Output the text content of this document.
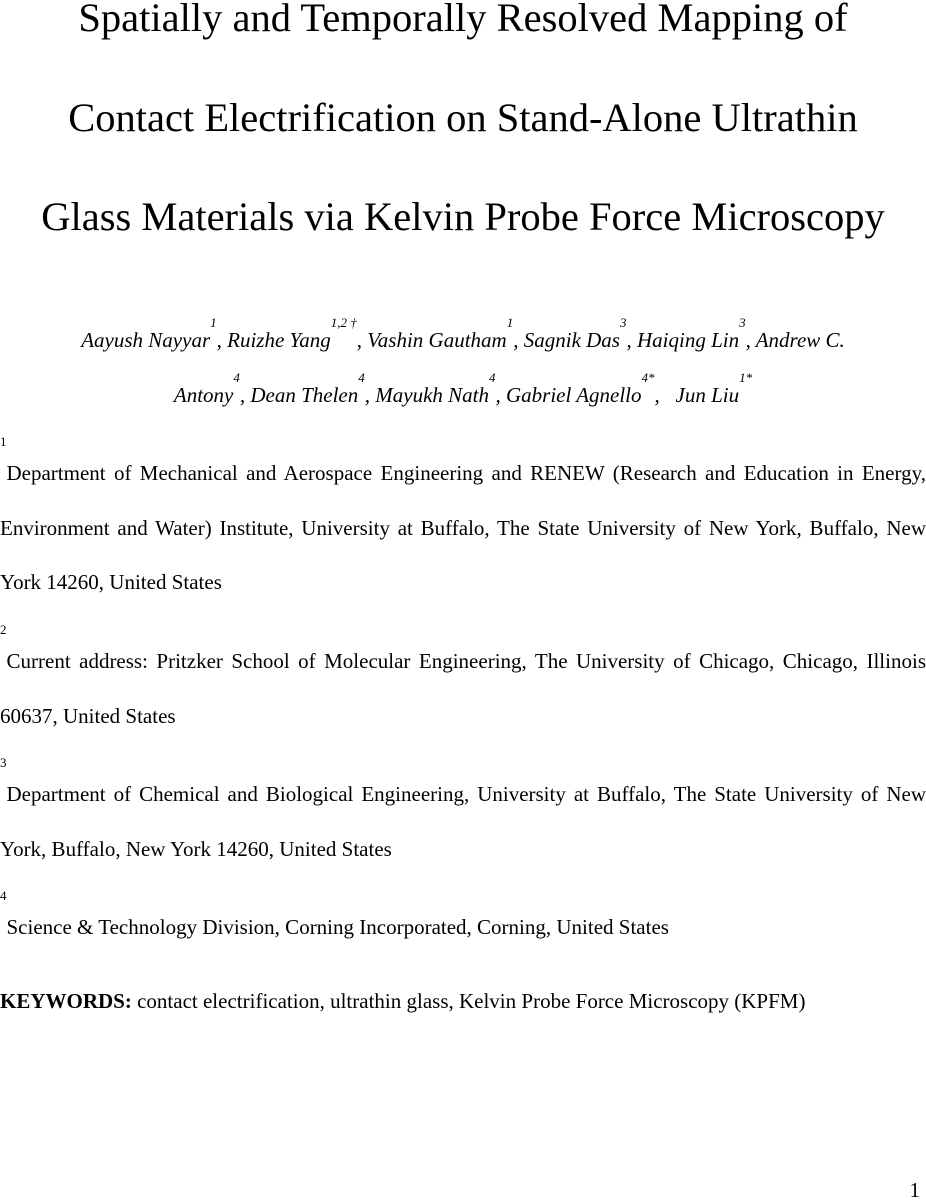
Spatially and Temporally Resolved Mapping of
Contact Electrification on Stand-Alone Ultrathin
Glass Materials via Kelvin Probe Force Microscopy
Aayush Nayyar$^1$, Ruizhe Yang$^{1,2 \dagger}$, Vashin Gautham$^1$, Sagnik Das$^3$, Haiqing Lin$^3$, Andrew C.
Antony$^4$, Dean Thelen$^4$, Mayukh Nath$^4$, Gabriel Agnello$^{4*}$,   Jun Liu$^{1*}$
$^1$Department of Mechanical and Aerospace Engineering and RENEW (Research and Education in Energy, Environment and Water) Institute, University at Buffalo, The State University of New York, Buffalo, New York 14260, United States
$^2$Current address: Pritzker School of Molecular Engineering, The University of Chicago, Chicago, Illinois 60637, United States
$^3$Department of Chemical and Biological Engineering, University at Buffalo, The State University of New York, Buffalo, New York 14260, United States
$^4$Science & Technology Division, Corning Incorporated, Corning, United States
KEYWORDS: contact electrification, ultrathin glass, Kelvin Probe Force Microscopy (KPFM)
1
